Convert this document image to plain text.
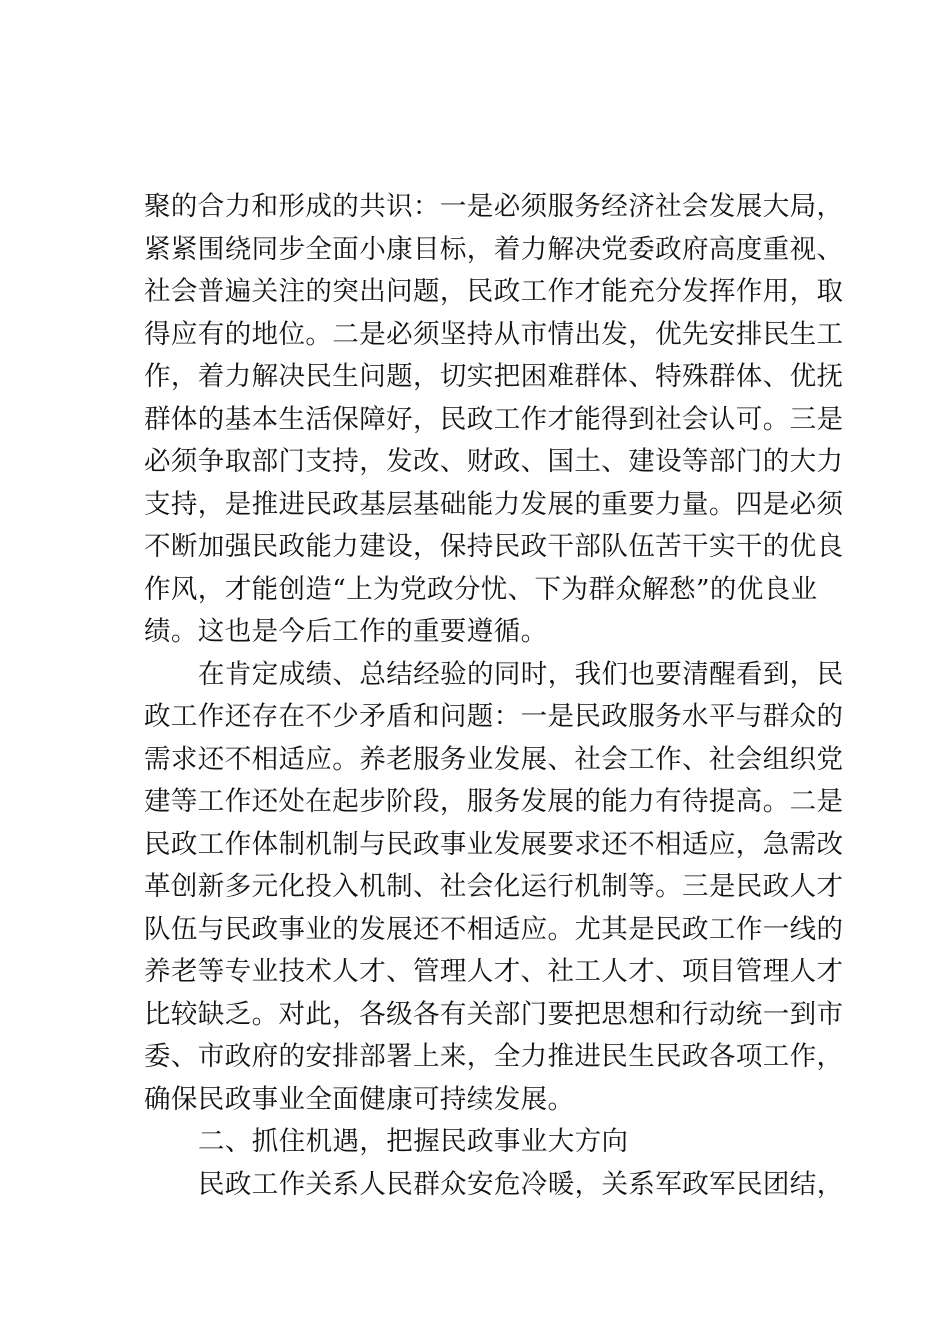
聚的合力和形成的共识：一是必须服务经济社会发展大局，
紧紧围绕同步全面小康目标，着力解决党委政府高度重视、
社会普遍关注的突出问题，民政工作才能充分发挥作用，取
得应有的地位。二是必须坚持从市情出发，优先安排民生工
作，着力解决民生问题，切实把困难群体、特殊群体、优抚
群体的基本生活保障好，民政工作才能得到社会认可。三是
必须争取部门支持，发改、财政、国土、建设等部门的大力
支持，是推进民政基层基础能力发展的重要力量。四是必须
不断加强民政能力建设，保持民政干部队伍苦干实干的优良
作风，才能创造“上为党政分忧、下为群众解愁”的优良业
绩。这也是今后工作的重要遵循。
在肯定成绩、总结经验的同时，我们也要清醒看到，民
政工作还存在不少矛盾和问题：一是民政服务水平与群众的
需求还不相适应。养老服务业发展、社会工作、社会组织党
建等工作还处在起步阶段，服务发展的能力有待提高。二是
民政工作体制机制与民政事业发展要求还不相适应，急需改
革创新多元化投入机制、社会化运行机制等。三是民政人才
队伍与民政事业的发展还不相适应。尤其是民政工作一线的
养老等专业技术人才、管理人才、社工人才、项目管理人才
比较缺乏。对此，各级各有关部门要把思想和行动统一到市
委、市政府的安排部署上来，全力推进民生民政各项工作，
确保民政事业全面健康可持续发展。
二、抓住机遇，把握民政事业大方向
民政工作关系人民群众安危冷暖，关系军政军民团结，
